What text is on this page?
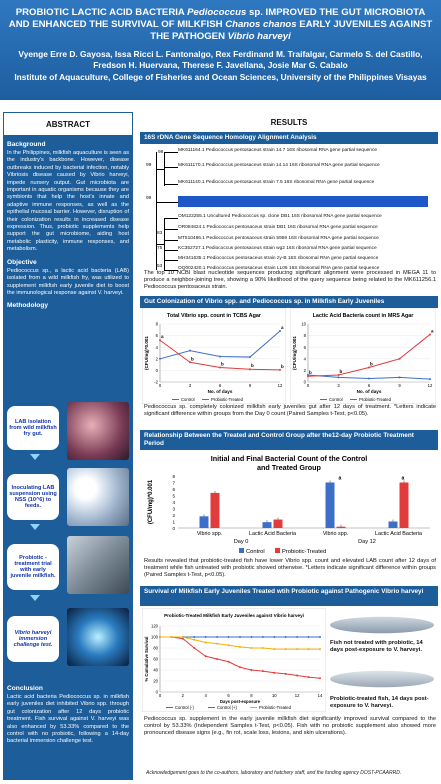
PROBIOTIC LACTIC ACID BACTERIA Pediococcus sp. IMPROVED THE GUT MICROBIOTA AND ENHANCED THE SURVIVAL OF MILKFISH Chanos chanos EARLY JUVENILES AGAINST THE PATHOGEN Vibrio harveyi
Vyenge Erre D. Gayosa, Issa Ricci L. Fantonalgo, Rex Ferdinand M. Traifalgar, Carmelo S. del Castillo, Fredson H. Huervana, Therese F. Javellana, Josie Mar G. Cabalo
Institute of Aquaculture, College of Fisheries and Ocean Sciences, University of the Philippines Visayas
ABSTRACT
Background

In the Philippines, milkfish aquaculture is seen as the industry's backbone. However, disease outbreaks induced by bacterial infection, notably Vibriosis disease caused by Vibrio harveyi, impede nursery output. Gut microbiota are important in aquatic organisms because they are symbionts that help the host's innate and adaptive immune responses, as well as the epithelial mucosal barrier. However, disruption of their colonization results in increased disease expression. Thus, probiotic supplements help support the gut microbiome, aiding host metabolic plasticity, immune responses, and metabolism.

Objective

Pediococcus sp., a lactic acid bacteria (LAB) isolated from a wild milkfish fry, was utilized to supplement milkfish early juvenile diet to boost the immunological response against V. harveyi.

Methodology
LAB isolation from wild milkfish fry gut.
Inoculating LAB suspension using NSS (10^6) to feeds.
Probiotic - treatment trial with early juvenile milkfish.
Vibrio harveyi immersion challenge test.
Conclusion

Lactic acid bacteria Pediococcus sp. in milkfish early juveniles diet inhibited Vibrio spp. through gut colonization after 12 days probiotic treatment. Fish survival against V. harveyi was also enhanced by 53.33% compared to the control with no probiotic, following a 14-day bacterial immersion challenge test.

RESULTS
16S rDNA Gene Sequence Homology Alignment Analysis
98
99
99
83
75
53
MK611164.1 Pediococcus pentosaceus strain 14.7 16S ribosomal RNA gene partial sequence
MK611170.1 Pediococcus pentosaceus strain 14.14 16S ribosomal RNA gene partial sequence
MK611140.1 Pediococcus pentosaceus strain 7.5 16S ribosomal RNA gene partial sequence
OM122255.1 Uncultured Pediococcus sp. clone DB1 16S ribosomal RNA gene partial sequence
OR084824.1 Pediococcus pentosaceus strain DB1 16S ribosomal RNA gene partial sequence
MT510486.1 Pediococcus pentosaceus strain 5959 16S ribosomal RNA gene partial sequence
KC352727.1 Pediococcus pentosaceus strain wg2 16S ribosomal RNA gene partial sequence
MH341635.1 Pediococcus pentosaceus strain zy-B 16S ribosomal RNA gene partial sequence
OQ002420.1 Pediococcus pentosaceus strain LL06 16S ribosomal RNA gene partial sequence
The top 10 NCBI blast nucleotide sequences producing significant alignment were processed in MEGA 11 to produce a neighbor-joining tree, showing a 90% likelihood of the query sequence being related to the MK611256.1 Pediococcus pentosaceus strain.
Gut Colonization of Vibrio spp. and Pediococcus sp. in Milkfish Early Juveniles
Total Vibrio spp. count in TCBS Agar
-2
0
2
4
6
8
0	3	6	9	12
No. of days
(CFU/mg)*0.001
a
a
b
b	b	b
Control	Probiotic-Treated
Lactic Acid Bacteria count in MRS Agar
0
2
4
6
8
10
0	3	6	9	12
No. of days
(CFU/mg)*0.001
b	b
b
a
Control	Probiotic-Treated
Pediococcus sp. completely colonized milkfish early juveniles gut after 12 days of treatment. *Letters indicate significant difference within groups from the Day 0 count (Paired Samples t-Test, p<0.05).
Relationship Between the Treated and Control Group after the12-day Probiotic Treatment Period
Initial and Final Bacterial Count of the Control
and Treated Group
0
1
2
3
4
5
6
7
8
(CFU/mg)*0.001
Vibrio spp.	Lactic Acid Bacteria
a
Vibrio spp.
a
Lactic Acid Bacteria
Day 0	Day 12
Control	Probiotic-Treated
Results revealed that probiotic-treated fish have lower Vibrio spp. count and elevated LAB count after 12 days of treatment while fish untreated with probiotic showed otherwise. *Letters indicate significant difference within groups (Paired Samples t-Test, p<0.05).
Survival of Milkfish Early Juveniles Treated wtih Probiotic against Pathogenic Vibrio harveyi
Probiotic-Treated Milkfish Early Juveniles against Vibrio harveyi
0
20
40
60
80
100
120
0	2	4	6	8	10	12	14
Days post-exposure
% Cumulative Survival
Control (-)	Control (+)	Probiotic-Treated
Fish not treated with probiotic, 14 days post-exposure to V. harveyi.
Probiotic-treated fish, 14 days post-exposure to V. harveyi.
Pediococcus sp. supplement in the early juvenile milkfish diet significantly improved survival compared to the control by 53.33% (Independent Samples t-Test, p<0.05). Fish with no probiotic supplement also showed more pronounced disease signs (e.g., fin rot, scale loss, lesions, and skin ulcerations).
Acknowledgement goes to the co-authors, laboratory and hatchery staff, and the funding agency DOST-PCAARRD.
